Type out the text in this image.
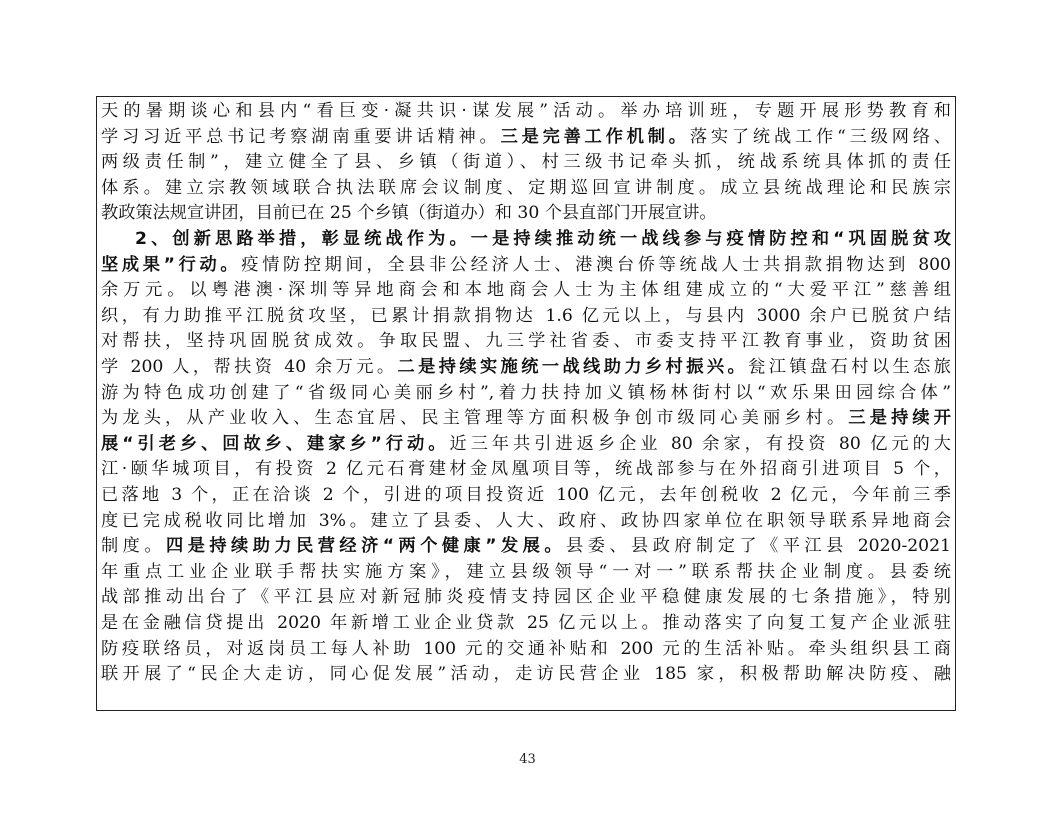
天的暑期谈心和县内“看巨变·凝共识·谋发展”活动。举办培训班，专题开展形势教育和
学习习近平总书记考察湖南重要讲话精神。三是完善工作机制。落实了统战工作“三级网络、
两级责任制”，建立健全了县、乡镇（街道）、村三级书记牵头抓，统战系统具体抓的责任
体系。建立宗教领域联合执法联席会议制度、定期巡回宣讲制度。成立县统战理论和民族宗
教政策法规宣讲团，目前已在 25 个乡镇（街道办）和 30 个县直部门开展宣讲。
2、创新思路举措，彰显统战作为。一是持续推动统一战线参与疫情防控和“巩固脱贫攻
坚成果”行动。疫情防控期间，全县非公经济人士、港澳台侨等统战人士共捐款捐物达到 800
余万元。以粤港澳·深圳等异地商会和本地商会人士为主体组建成立的“大爱平江”慈善组
织，有力助推平江脱贫攻坚，已累计捐款捐物达 1.6 亿元以上，与县内 3000 余户已脱贫户结
对帮扶，坚持巩固脱贫成效。争取民盟、九三学社省委、市委支持平江教育事业，资助贫困
学 200 人，帮扶资 40 余万元。二是持续实施统一战线助力乡村振兴。瓮江镇盘石村以生态旅
游为特色成功创建了“省级同心美丽乡村”,着力扶持加义镇杨林街村以“欢乐果田园综合体”
为龙头，从产业收入、生态宜居、民主管理等方面积极争创市级同心美丽乡村。三是持续开
展“引老乡、回故乡、建家乡”行动。近三年共引进返乡企业 80 余家，有投资 80 亿元的大
江·颐华城项目，有投资 2 亿元石膏建材金凤凰项目等，统战部参与在外招商引进项目 5 个，
已落地 3 个，正在洽谈 2 个，引进的项目投资近 100 亿元，去年创税收 2 亿元，今年前三季
度已完成税收同比增加 3%。建立了县委、人大、政府、政协四家单位在职领导联系异地商会
制度。四是持续助力民营经济“两个健康”发展。县委、县政府制定了《平江县 2020-2021
年重点工业企业联手帮扶实施方案》，建立县级领导“一对一”联系帮扶企业制度。县委统
战部推动出台了《平江县应对新冠肺炎疫情支持园区企业平稳健康发展的七条措施》，特别
是在金融信贷提出 2020 年新增工业企业贷款 25 亿元以上。推动落实了向复工复产企业派驻
防疫联络员，对返岗员工每人补助 100 元的交通补贴和 200 元的生活补贴。牵头组织县工商
联开展了“民企大走访，同心促发展”活动，走访民营企业 185 家，积极帮助解决防疫、融
43
